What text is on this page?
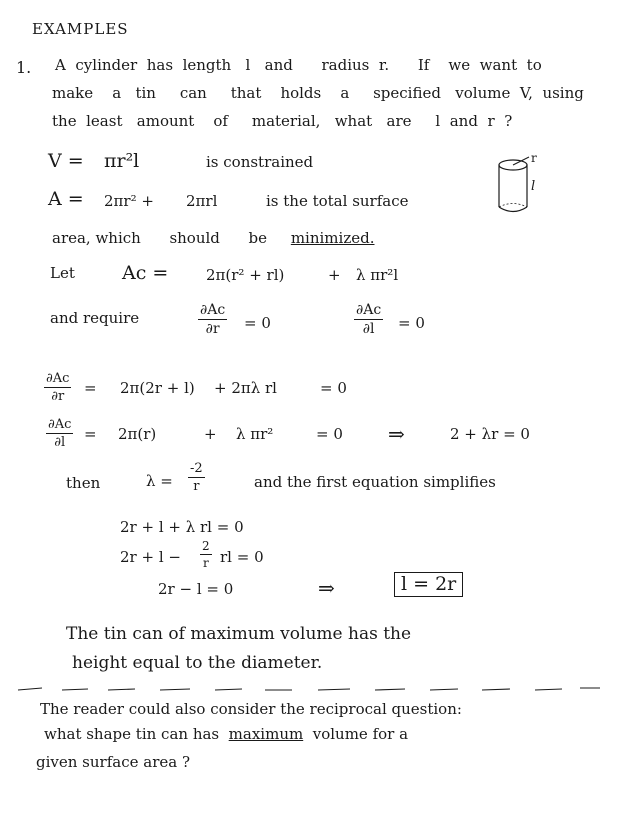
EXAMPLES
1. A cylinder has length l and radius r. If we want to
make a tin can that holds a specified volume V, using
the least amount of material, what are l and r ?
V = πr²l	is constrained
A = 2πr² + 2πrl	is the total surface
r
l
area, which should be minimized.
Let Ac =	2π(r² + rl)	+ λ πr²l
and require	$\frac{\partial Ac}{\partial r} = 0$	$\frac{\partial Ac}{\partial l} = 0$
$\frac{\partial Ac}{\partial r} = 2\pi(2r + l) + 2\pi\lambda$ rl	= 0
$\frac{\partial Ac}{\partial l} = 2\pi(r)$	+ λ πr²	= 0 ⇒	2 + λr = 0
then	$\lambda = \frac{-2}{r}$	and the first equation simplifies
2r + l + λ rl = 0
$2r + l - \frac{2}{r}$ rl = 0
2r − l = 0	⇒	l = 2r
The tin can of maximum volume has the
height equal to the diameter.
The reader could also consider the reciprocal question:
what shape tin can has maximum volume for a
given surface area ?
